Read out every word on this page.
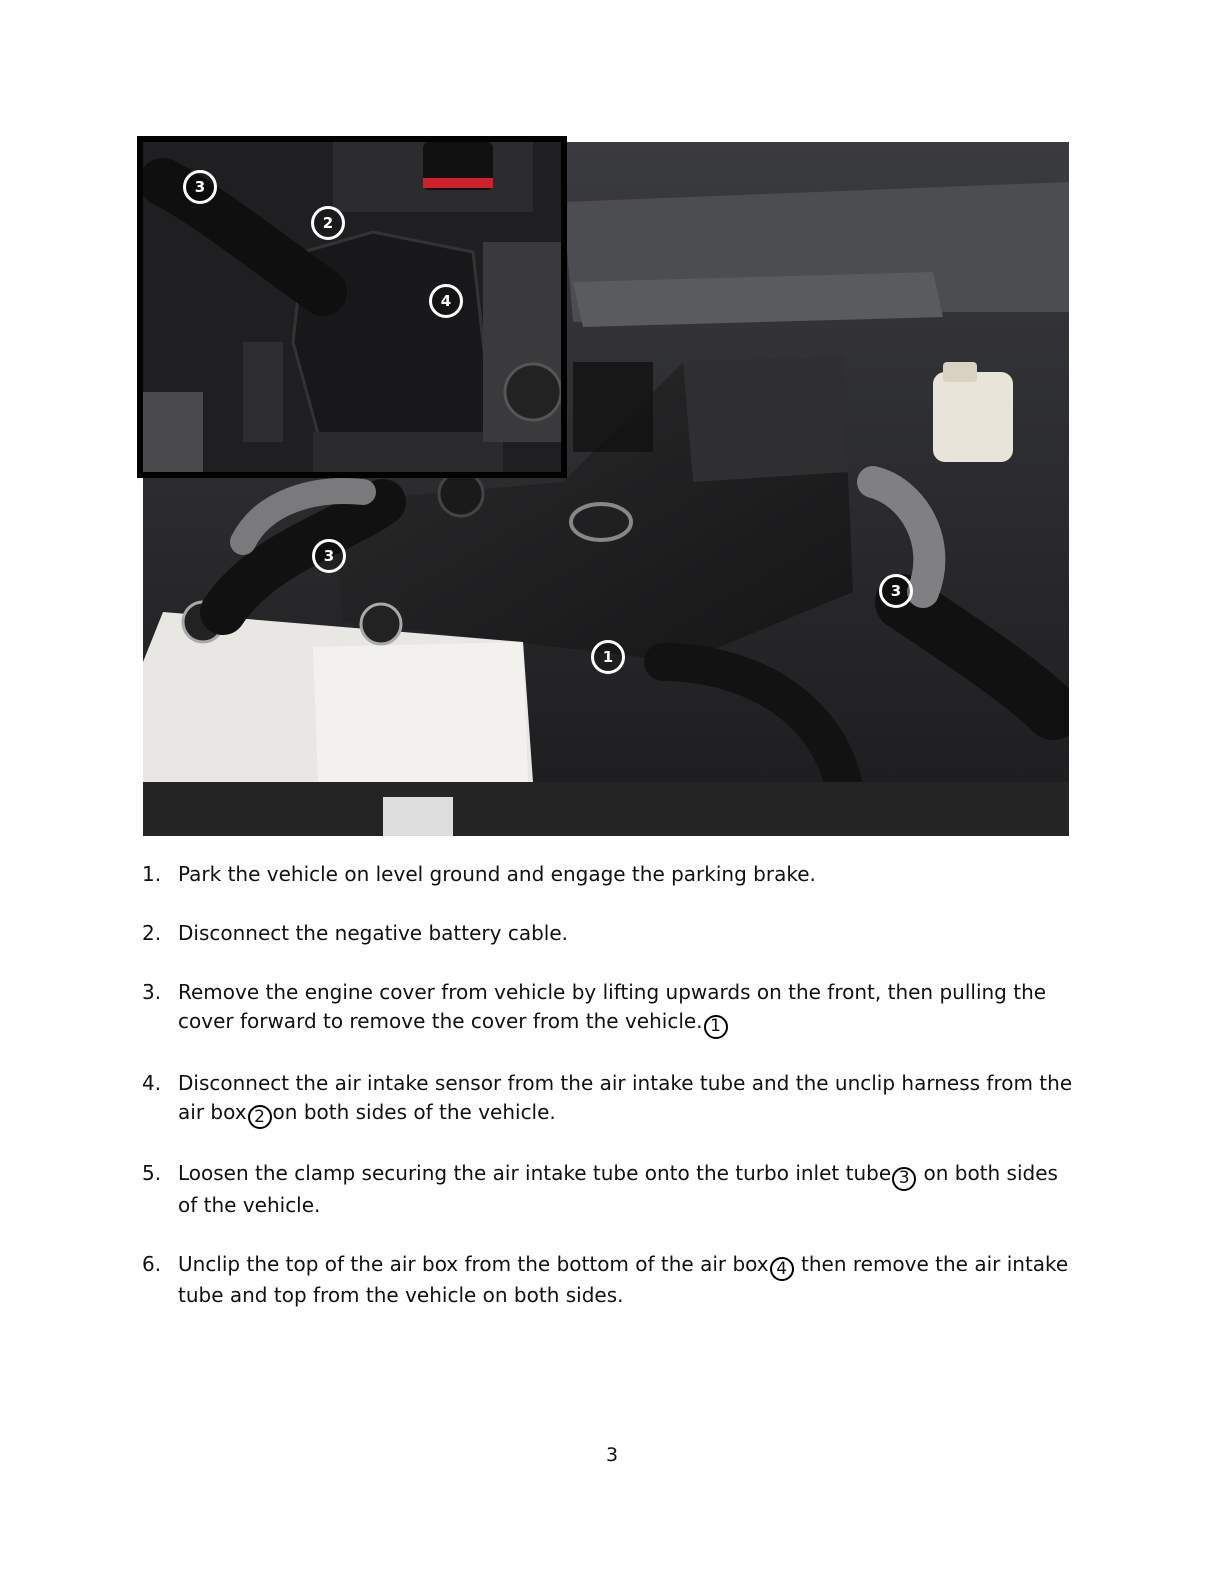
1
3
3
3
2
4
1. Park the vehicle on level ground and engage the parking brake.
2. Disconnect the negative battery cable.
3. Remove the engine cover from vehicle by lifting upwards on the front, then pulling the cover forward to remove the cover from the vehicle. 1
4. Disconnect the air intake sensor from the air intake tube and the unclip harness from the air box 2 on both sides of the vehicle.
5. Loosen the clamp securing the air intake tube onto the turbo inlet tube 3 on both sides of the vehicle.
6. Unclip the top of the air box from the bottom of the air box 4 then remove the air intake tube and top from the vehicle on both sides.
3
